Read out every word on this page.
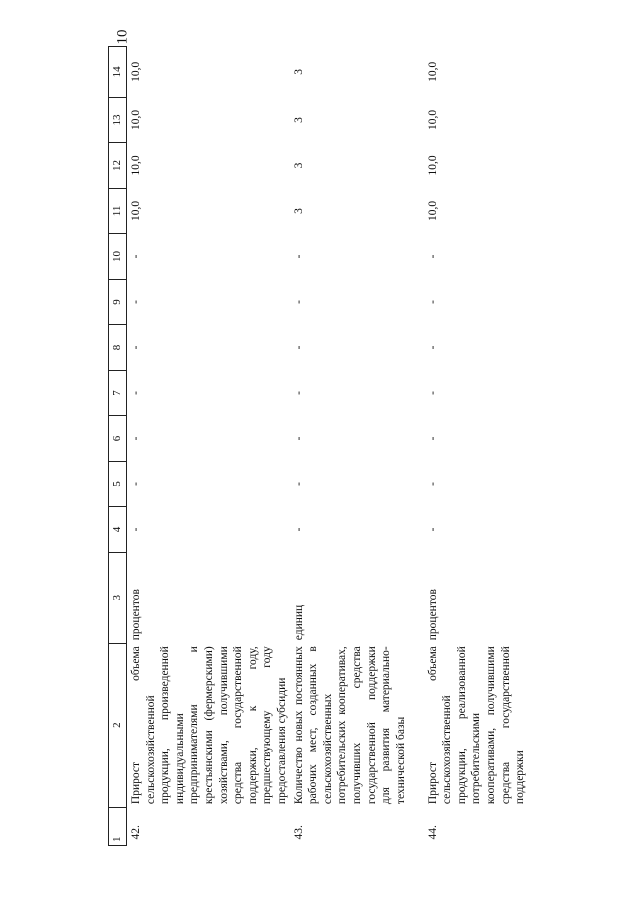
10
1	2	3	4	5	6	7	8	9	10	11	12	13	14
42.	Прирост объема сельскохозяйственной продукции, произведенной индивидуальными предпринимателями и крестьянскими (фермерскими) хозяйствами, получившими средства государственной поддержки, к году, предшествующему году предоставления субсидии	процентов	-	-	-	-	-	-	-	10,0	10,0	10,0	10,0
43.	Количество новых постоянных рабочих мест, созданных в сельскохозяйственных потребительских кооперативах, получивших средства государственной поддержки для развития материально-технической базы	единиц	-	-	-	-	-	-	-	3	3	3	3
44.	Прирост объема сельскохозяйственной продукции, реализованной потребительскими кооперативами, получившими средства государственной поддержки	процентов	-	-	-	-	-	-	-	10,0	10,0	10,0	10,0
